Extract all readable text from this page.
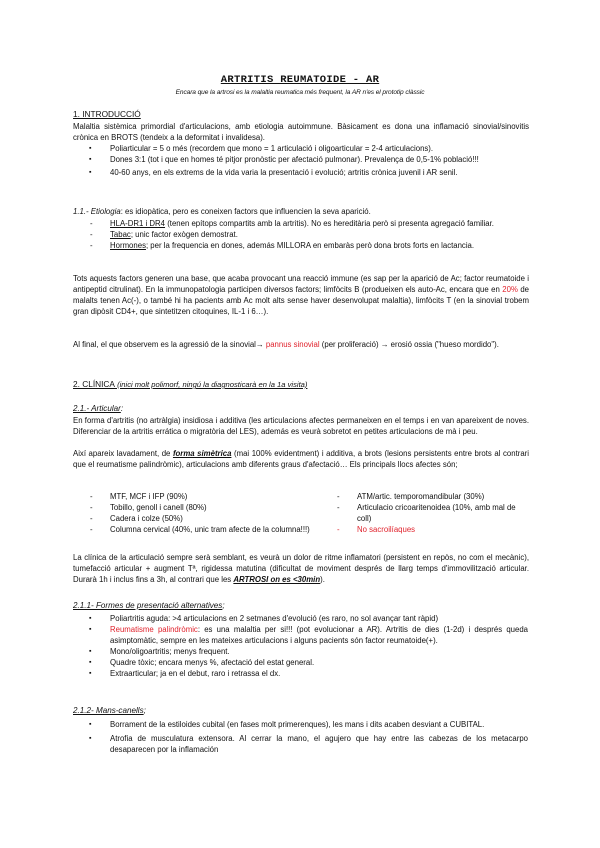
ARTRITIS REUMATOIDE - AR
Encara que la artrosi es la malaltia reumatica més frequent, la AR n'es el prototip clàssic
1. INTRODUCCIÓ

Malaltia sistèmica primordial d'articulacions, amb etiologia autoimmune. Bàsicament es dona una inflamació sinovial/sinovitis crònica en BROTS (tendeix a la deformitat i invalidesa).

▪ Poliarticular = 5 o més (recordem que mono = 1 articulació i oligoarticular = 2-4 articulacions).
▪ Dones 3:1 (tot i que en homes té pitjor pronòstic per afectació pulmonar). Prevalença de 0,5-1% població!!!
▪ 40-60 anys, en els extrems de la vida varia la presentació i evolució; artritis crònica juvenil i AR senil.

1.1.- Etiologia: es idiopàtica, pero es coneixen factors que influencien la seva aparició.

- HLA-DR1 i DR4 (tenen epítops compartits amb la artritis). No es hereditària però si presenta agregació familiar.
- Tabac; unic factor exògen demostrat.
- Hormones; per la frequencia en dones, además MILLORA en embaràs però dona brots forts en lactancia.

Tots aquests factors generen una base, que acaba provocant una reacció immune (es sap per la aparició de Ac; factor reumatoide i antipeptid citrulinat). En la immunopatologia participen diversos factors; limfòcits B (produeixen els auto-Ac, encara que en 20% de malalts tenen Ac(-), o també hi ha pacients amb Ac molt alts sense haver desenvolupat malaltia), limfòcits T (en la sinovial trobem gran dipòsit CD4+, que sintetitzen citoquines, IL-1 i 6…).

Al final, el que observem es la agressió de la sinovial→ pannus sinovial (per proliferació) → erosió ossia ("hueso mordido").

2. CLÍNICA (inici molt polimorf, ningú la diagnosticarà en la 1a visita)
2.1.- Articular:

En forma d'artritis (no artràlgia) insidiosa i additiva (les articulacions afectes permaneixen en el temps i en van apareixent de noves. Diferenciar de la artritis errática o migratòria del LES), además es veurà sobretot en petites articulacions de mà i peu.

Així apareix lavadament, de forma simètrica (mai 100% evidentment) i additiva, a brots (lesions persistents entre brots al contrari que el reumatisme palindròmic), articulacions amb diferents graus d'afectació… Els principals llocs afectes són;

- MTF, MCF i IFP (90%)
- Tobillo, genoll i canell (80%)
- Cadera i colze (50%)
- Columna cervical (40%, unic tram afecte de la columna!!!)
- ATM/artic. temporomandibular (30%)
- Articulacio cricoaritenoidea (10%, amb mal de coll)
- No sacroilíaques

La clínica de la articulació sempre serà semblant, es veurà un dolor de ritme inflamatori (persistent en repòs, no com el mecànic), tumefacció articular + augment Tª, rigidessa matutina (dificultat de moviment després de llarg temps d'immovilització articular. Durarà 1h i inclus fins a 3h, al contrari que les ARTROSI on es <30min).

2.1.1- Formes de presentació alternatives;
▪ Poliartritis aguda: >4 articulacions en 2 setmanes d'evolució (es raro, no sol avançar tant ràpid)
▪ Reumatisme palindròmic: es una malaltia per si!!! (pot evolucionar a AR). Artritis de dies (1-2d) i després queda asimptomàtic, sempre en les mateixes articulacions i alguns pacients són factor reumatoide(+).
▪ Mono/oligoartritis; menys frequent.
▪ Quadre tòxic; encara menys %, afectació del estat general.
▪ Extraarticular; ja en el debut, raro i retrassa el dx.
2.1.2- Mans-canells;
▪ Borrament de la estiloides cubital (en fases molt primerenques), les mans i dits acaben desviant a CUBITAL.
▪ Atrofia de musculatura extensora. Al cerrar la mano, el agujero que hay entre las cabezas de los metacarpo desaparecen por la inflamación
